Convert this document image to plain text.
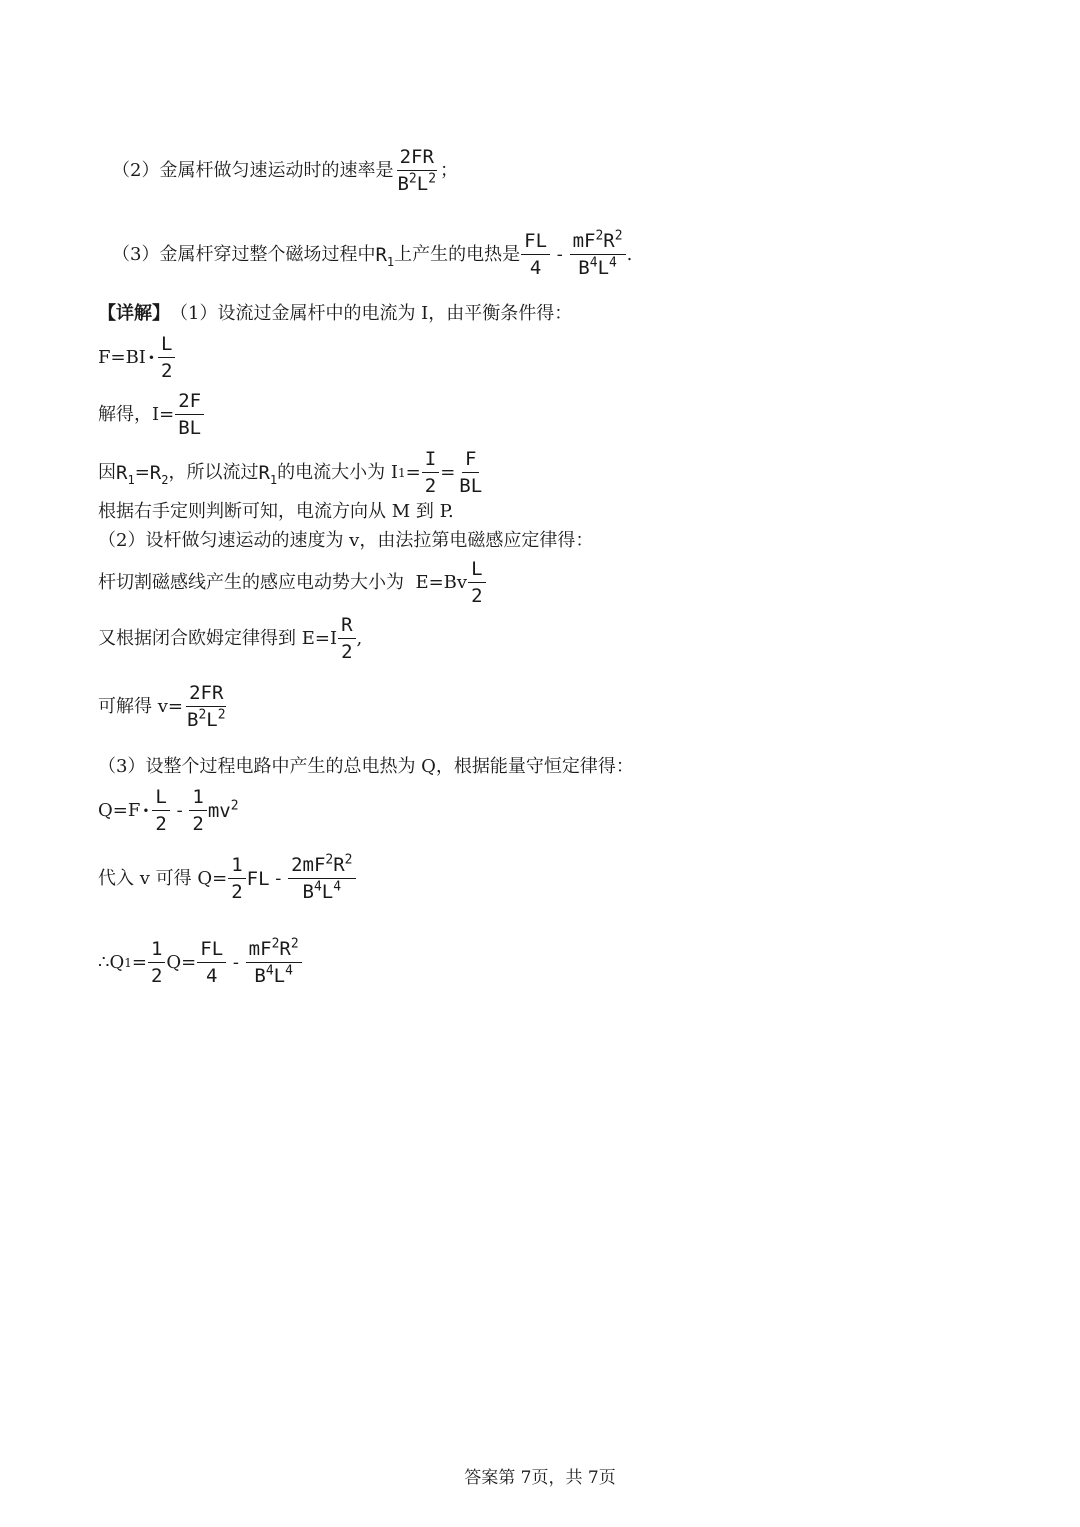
（2）金属杆做匀速运动时的速率是 $\frac{2FR}{B^2L^2}$ ；
（3）金属杆穿过整个磁场过程中 $R_1$ 上产生的电热是 $\frac{FL}{4} - \frac{mF^2R^2}{B^4L^4}$ .
【详解】 （1）设流过金属杆中的电流为 I，由平衡条件得：
F=BI • $\frac{L}{2}$
解得，$I= \frac{2F}{BL}$
因 $R_1 = R_2$ ，所以流过 $R_1$ 的电流大小为 I $1 = \frac{I}{2} = \frac{F}{BL}$
根据右手定则判断可知，电流方向从 M 到 P.
（2）设杆做匀速运动的速度为 v，由法拉第电磁感应定律得：
杆切割磁感线产生的感应电动势大小为  $E=Bv \frac{L}{2}$
又根据闭合欧姆定律得到 $E=I \frac{R}{2}$ ,
可解得 $v= \frac{2FR}{B^2L^2}$
（3）设整个过程电路中产生的总电热为 Q，根据能量守恒定律得：
Q=F • $\frac{L}{2} - \frac{1}{2} mv^2$
代入 v 可得 $Q= \frac{1}{2}$ FL - $\frac{2mF^2R^2}{B^4L^4}$
∴Q $1 = \frac{1}{2} Q= \frac{FL}{4} - \frac{mF^2R^2}{B^4L^4}$
答案第 7页，共 7页
